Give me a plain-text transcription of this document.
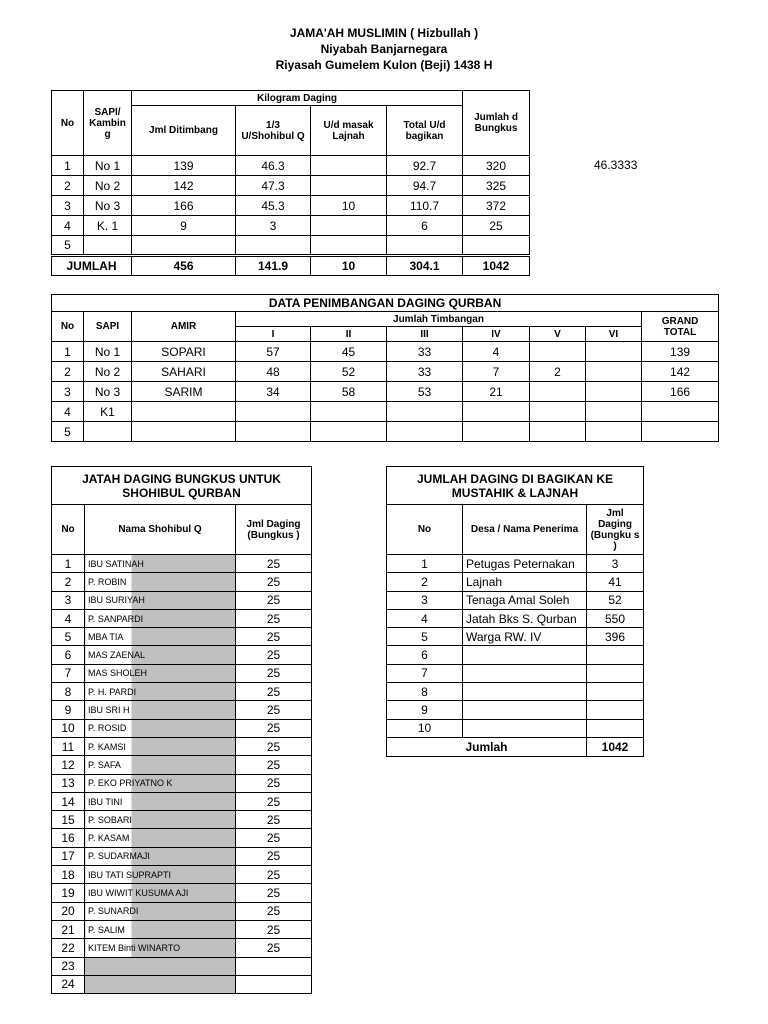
JAMA'AH MUSLIMIN ( Hizbullah )
Niyabah Banjarnegara
Riyasah Gumelem Kulon (Beji) 1438 H
No	SAPI/ Kambin g	Kilogram Daging				Jumlah d Bungkus
		Jml Ditimbang	1/3 U/Shohibul Q	U/d masak Lajnah	Total U/d bagikan	
1	No 1	139	46.3		92.7	320
2	No 2	142	47.3		94.7	325
3	No 3	166	45.3	10	110.7	372
4	K. 1	9	3		6	25
5						
JUMLAH		456	141.9	10	304.1	1042
46.3333
DATA PENIMBANGAN DAGING QURBAN									
No	SAPI	AMIR	Jumlah Timbangan						GRAND TOTAL
			I	II	III	IV	V	VI	
1	No 1	SOPARI	57	45	33	4			139
2	No 2	SAHARI	48	52	33	7	2		142
3	No 3	SARIM	34	58	53	21			166
4	K1								
5									
JATAH DAGING BUNGKUS UNTUK SHOHIBUL QURBAN		
No	Nama Shohibul Q	Jml Daging (Bungkus )
1	IBU SATINAH	25
2	P. ROBIN	25
3	IBU SURIYAH	25
4	P. SANPARDI	25
5	MBA TIA	25
6	MAS ZAENAL	25
7	MAS SHOLEH	25
8	P. H. PARDI	25
9	IBU SRI H	25
10	P. ROSID	25
11	P. KAMSI	25
12	P. SAFA	25
13	P. EKO PRIYATNO K	25
14	IBU TINI	25
15	P. SOBARI	25
16	P. KASAM	25
17	P. SUDARMAJI	25
18	IBU TATI SUPRAPTI	25
19	IBU WIWIT KUSUMA AJI	25
20	P. SUNARDI	25
21	P. SALIM	25
22	KITEM Binti WINARTO	25
23		
24		
JUMLAH DAGING DI BAGIKAN KE MUSTAHIK & LAJNAH		
No	Desa / Nama Penerima	Jml Daging (Bungku s )
1	Petugas Peternakan	3
2	Lajnah	41
3	Tenaga Amal Soleh	52
4	Jatah Bks S. Qurban	550
5	Warga RW. IV	396
6		
7		
8		
9		
10		
Jumlah		1042
